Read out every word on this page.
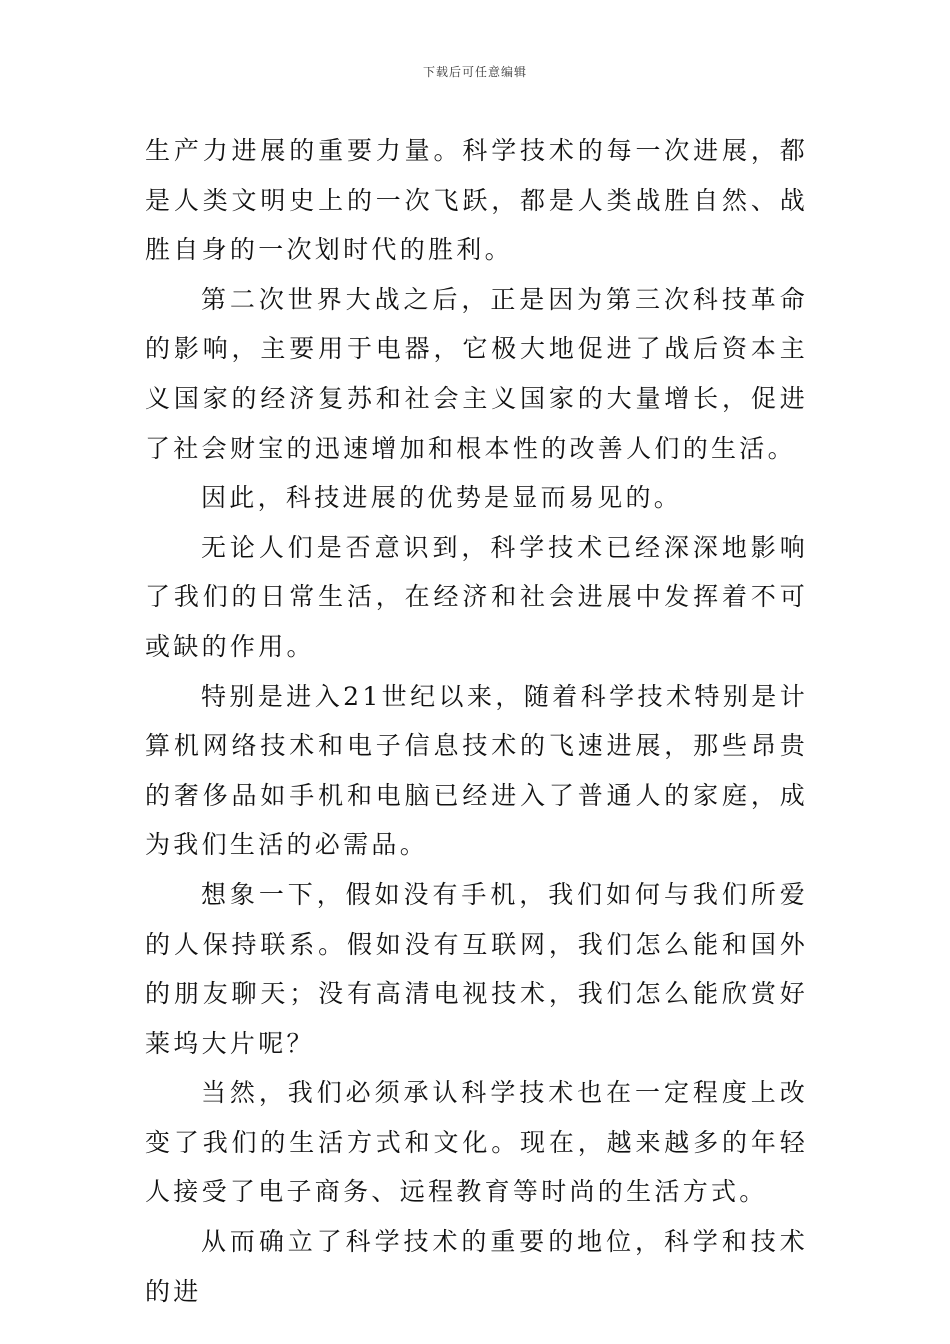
下载后可任意编辑

生产力进展的重要力量。科学技术的每一次进展，都是人类文明史上的一次飞跃，都是人类战胜自然、战胜自身的一次划时代的胜利。

第二次世界大战之后，正是因为第三次科技革命的影响，主要用于电器，它极大地促进了战后资本主义国家的经济复苏和社会主义国家的大量增长，促进了社会财宝的迅速增加和根本性的改善人们的生活。

因此，科技进展的优势是显而易见的。

无论人们是否意识到，科学技术已经深深地影响了我们的日常生活，在经济和社会进展中发挥着不可或缺的作用。

特别是进入21世纪以来，随着科学技术特别是计算机网络技术和电子信息技术的飞速进展，那些昂贵的奢侈品如手机和电脑已经进入了普通人的家庭，成为我们生活的必需品。

想象一下，假如没有手机，我们如何与我们所爱的人保持联系。假如没有互联网，我们怎么能和国外的朋友聊天；没有高清电视技术，我们怎么能欣赏好莱坞大片呢？

当然，我们必须承认科学技术也在一定程度上改变了我们的生活方式和文化。现在，越来越多的年轻人接受了电子商务、远程教育等时尚的生活方式。

从而确立了科学技术的重要的地位，科学和技术的进
